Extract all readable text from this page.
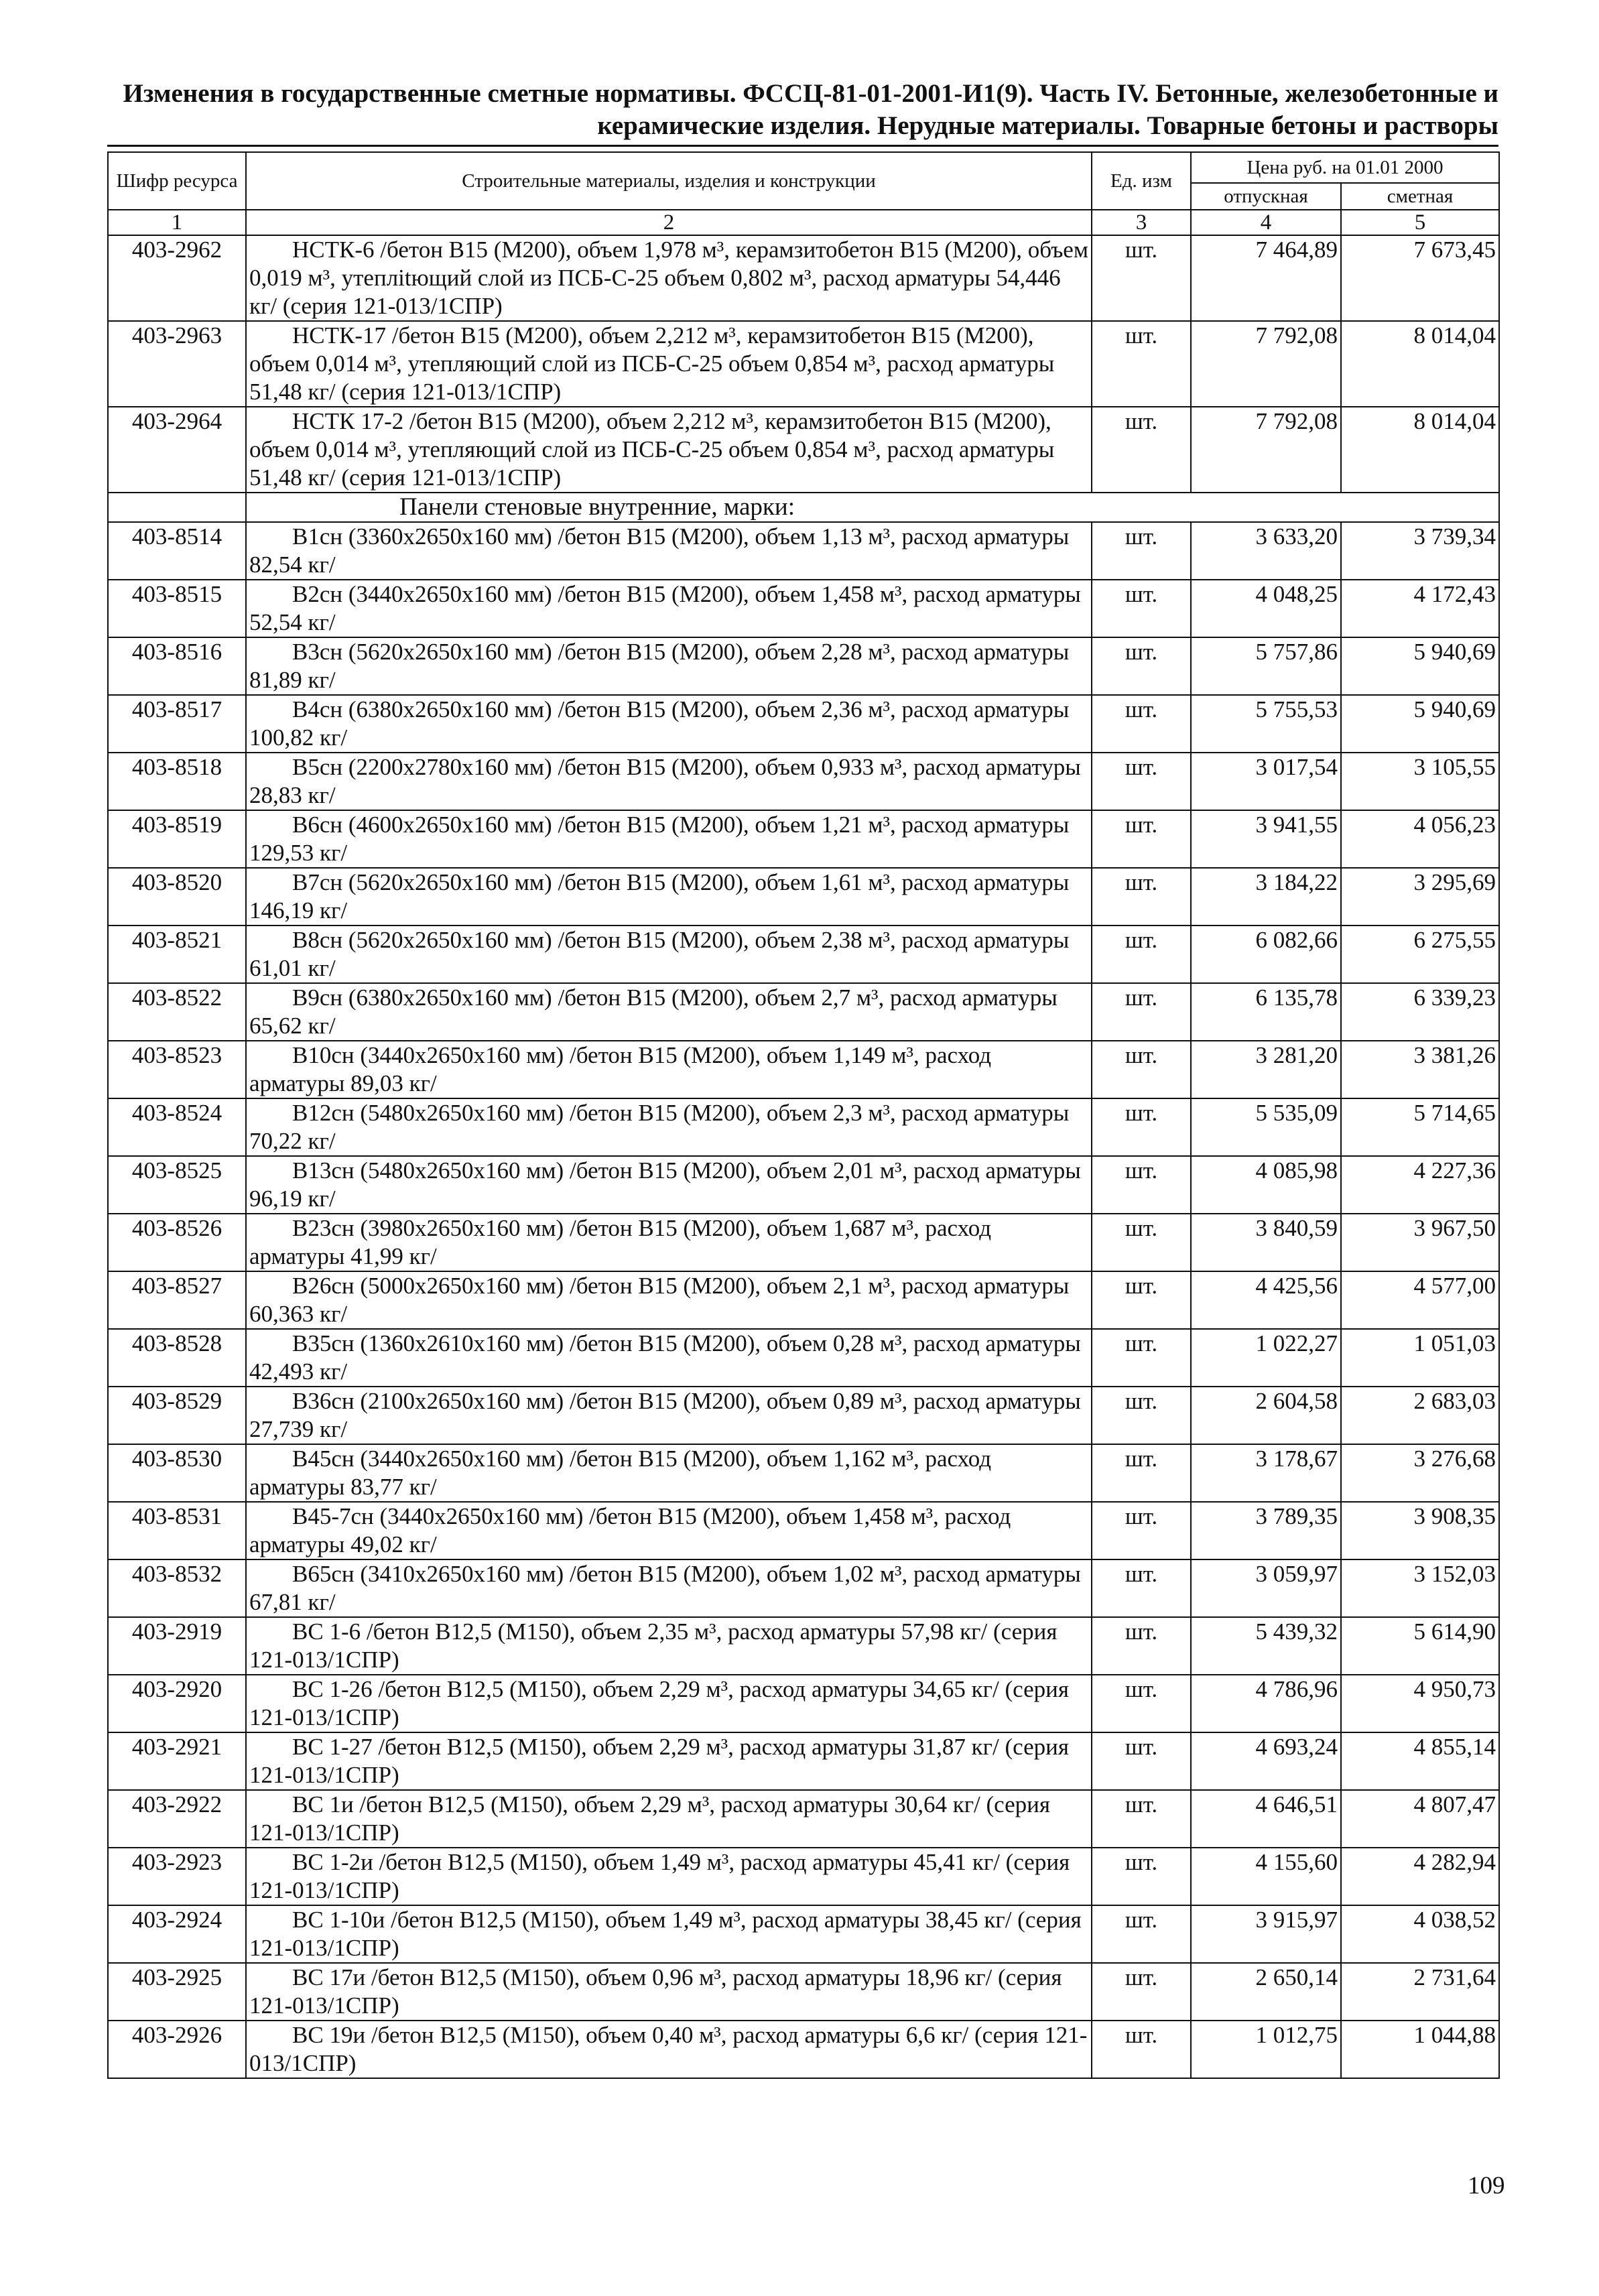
Изменения в государственные сметные нормативы. ФССЦ-81-01-2001-И1(9). Часть IV. Бетонные, железобетонные и
керамические изделия. Нерудные материалы. Товарные бетоны и растворы
Шифр ресурса	Строительные материалы, изделия и конструкции	Ед. изм	Цена руб. на 01.01 2000	
			отпускная	сметная
1	2	3	4	5
403-2962	НСТК-6 /бетон В15 (М200), объем 1,978 м³, керамзитобетон В15 (М200), объем 0,019 м³, утеплitющий слой из ПСБ-С-25 объем 0,802 м³, расход арматуры 54,446 кг/ (серия 121-013/1СПР)	шт.	7 464,89	7 673,45
403-2963	НСТК-17 /бетон В15 (М200), объем 2,212 м³, керамзитобетон В15 (М200), объем 0,014 м³, утепляющий слой из ПСБ-С-25 объем 0,854 м³, расход арматуры 51,48 кг/ (серия 121-013/1СПР)	шт.	7 792,08	8 014,04
403-2964	НСТК 17-2 /бетон В15 (М200), объем 2,212 м³, керамзитобетон В15 (М200), объем 0,014 м³, утепляющий слой из ПСБ-С-25 объем 0,854 м³, расход арматуры 51,48 кг/ (серия 121-013/1СПР)	шт.	7 792,08	8 014,04
	Панели стеновые внутренние, марки:			
403-8514	В1сн (3360х2650х160 мм) /бетон В15 (М200), объем 1,13 м³, расход арматуры 82,54 кг/	шт.	3 633,20	3 739,34
403-8515	В2сн (3440х2650х160 мм) /бетон В15 (М200), объем 1,458 м³, расход арматуры 52,54 кг/	шт.	4 048,25	4 172,43
403-8516	В3сн (5620х2650х160 мм) /бетон В15 (М200), объем 2,28 м³, расход арматуры 81,89 кг/	шт.	5 757,86	5 940,69
403-8517	В4сн (6380х2650х160 мм) /бетон В15 (М200), объем 2,36 м³, расход арматуры 100,82 кг/	шт.	5 755,53	5 940,69
403-8518	В5сн (2200х2780х160 мм) /бетон В15 (М200), объем 0,933 м³, расход арматуры 28,83 кг/	шт.	3 017,54	3 105,55
403-8519	В6сн (4600х2650х160 мм) /бетон В15 (М200), объем 1,21 м³, расход арматуры 129,53 кг/	шт.	3 941,55	4 056,23
403-8520	В7сн (5620х2650х160 мм) /бетон В15 (М200), объем 1,61 м³, расход арматуры 146,19 кг/	шт.	3 184,22	3 295,69
403-8521	В8сн (5620х2650х160 мм) /бетон В15 (М200), объем 2,38 м³, расход арматуры 61,01 кг/	шт.	6 082,66	6 275,55
403-8522	В9сн (6380х2650х160 мм) /бетон В15 (М200), объем 2,7 м³, расход арматуры 65,62 кг/	шт.	6 135,78	6 339,23
403-8523	В10сн (3440х2650х160 мм) /бетон В15 (М200), объем 1,149 м³, расход арматуры 89,03 кг/	шт.	3 281,20	3 381,26
403-8524	В12сн (5480х2650х160 мм) /бетон В15 (М200), объем 2,3 м³, расход арматуры 70,22 кг/	шт.	5 535,09	5 714,65
403-8525	В13сн (5480х2650х160 мм) /бетон В15 (М200), объем 2,01 м³, расход арматуры 96,19 кг/	шт.	4 085,98	4 227,36
403-8526	В23сн (3980х2650х160 мм) /бетон В15 (М200), объем 1,687 м³, расход арматуры 41,99 кг/	шт.	3 840,59	3 967,50
403-8527	В26сн (5000х2650х160 мм) /бетон В15 (М200), объем 2,1 м³, расход арматуры 60,363 кг/	шт.	4 425,56	4 577,00
403-8528	В35сн (1360х2610х160 мм) /бетон В15 (М200), объем 0,28 м³, расход арматуры 42,493 кг/	шт.	1 022,27	1 051,03
403-8529	В36сн (2100х2650х160 мм) /бетон В15 (М200), объем 0,89 м³, расход арматуры 27,739 кг/	шт.	2 604,58	2 683,03
403-8530	В45сн (3440х2650х160 мм) /бетон В15 (М200), объем 1,162 м³, расход арматуры 83,77 кг/	шт.	3 178,67	3 276,68
403-8531	В45-7сн (3440х2650х160 мм) /бетон В15 (М200), объем 1,458 м³, расход арматуры 49,02 кг/	шт.	3 789,35	3 908,35
403-8532	В65сн (3410х2650х160 мм) /бетон В15 (М200), объем 1,02 м³, расход арматуры 67,81 кг/	шт.	3 059,97	3 152,03
403-2919	ВС 1-6 /бетон В12,5 (М150), объем 2,35 м³, расход арматуры 57,98 кг/ (серия 121-013/1СПР)	шт.	5 439,32	5 614,90
403-2920	ВС 1-26 /бетон В12,5 (М150), объем 2,29 м³, расход арматуры 34,65 кг/ (серия 121-013/1СПР)	шт.	4 786,96	4 950,73
403-2921	ВС 1-27 /бетон В12,5 (М150), объем 2,29 м³, расход арматуры 31,87 кг/ (серия 121-013/1СПР)	шт.	4 693,24	4 855,14
403-2922	ВС 1и /бетон В12,5 (М150), объем 2,29 м³, расход арматуры 30,64 кг/ (серия 121-013/1СПР)	шт.	4 646,51	4 807,47
403-2923	ВС 1-2и /бетон В12,5 (М150), объем 1,49 м³, расход арматуры 45,41 кг/ (серия 121-013/1СПР)	шт.	4 155,60	4 282,94
403-2924	ВС 1-10и /бетон В12,5 (М150), объем 1,49 м³, расход арматуры 38,45 кг/ (серия 121-013/1СПР)	шт.	3 915,97	4 038,52
403-2925	ВС 17и /бетон В12,5 (М150), объем 0,96 м³, расход арматуры 18,96 кг/ (серия 121-013/1СПР)	шт.	2 650,14	2 731,64
403-2926	ВС 19и /бетон В12,5 (М150), объем 0,40 м³, расход арматуры 6,6 кг/ (серия 121-013/1СПР)	шт.	1 012,75	1 044,88
109
